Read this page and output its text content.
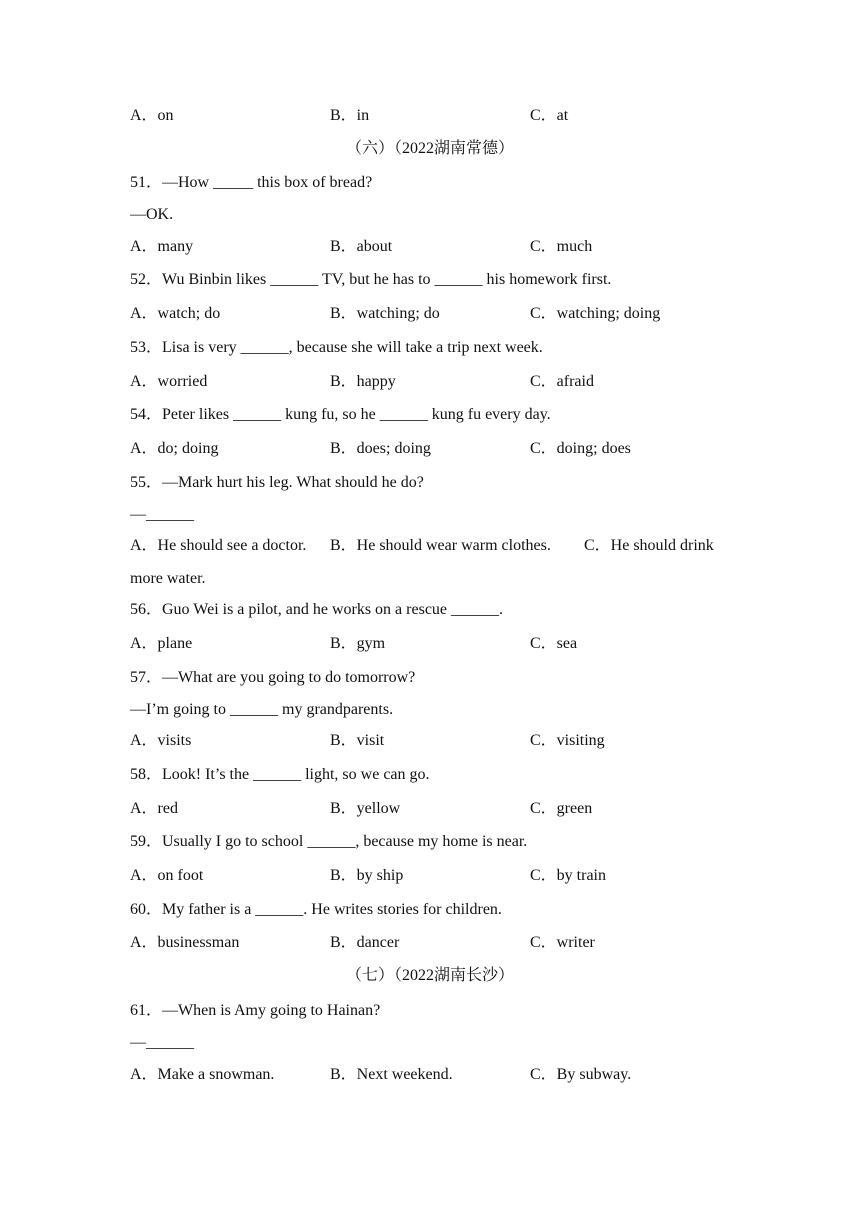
A．on	B．in	C．at
（六）（2022湖南常德）
51．—How _____ this box of bread?
—OK.
A．many	B．about	C．much
52．Wu Binbin likes ______ TV, but he has to ______ his homework first.
A．watch; do	B．watching; do	C．watching; doing
53．Lisa is very ______, because she will take a trip next week.
A．worried	B．happy	C．afraid
54．Peter likes ______ kung fu, so he ______ kung fu every day.
A．do; doing	B．does; doing	C．doing; does
55．—Mark hurt his leg. What should he do?
—______
A．He should see a doctor. B．He should wear warm clothes. C．He should drink
more water.
56．Guo Wei is a pilot, and he works on a rescue ______.
A．plane	B．gym	C．sea
57．—What are you going to do tomorrow?
—I’m going to ______ my grandparents.
A．visits	B．visit	C．visiting
58．Look! It’s the ______ light, so we can go.
A．red	B．yellow	C．green
59．Usually I go to school ______, because my home is near.
A．on foot	B．by ship	C．by train
60．My father is a ______. He writes stories for children.
A．businessman	B．dancer	C．writer
（七）（2022湖南长沙）
61．—When is Amy going to Hainan?
—______
A．Make a snowman.	B．Next weekend.	C．By subway.
